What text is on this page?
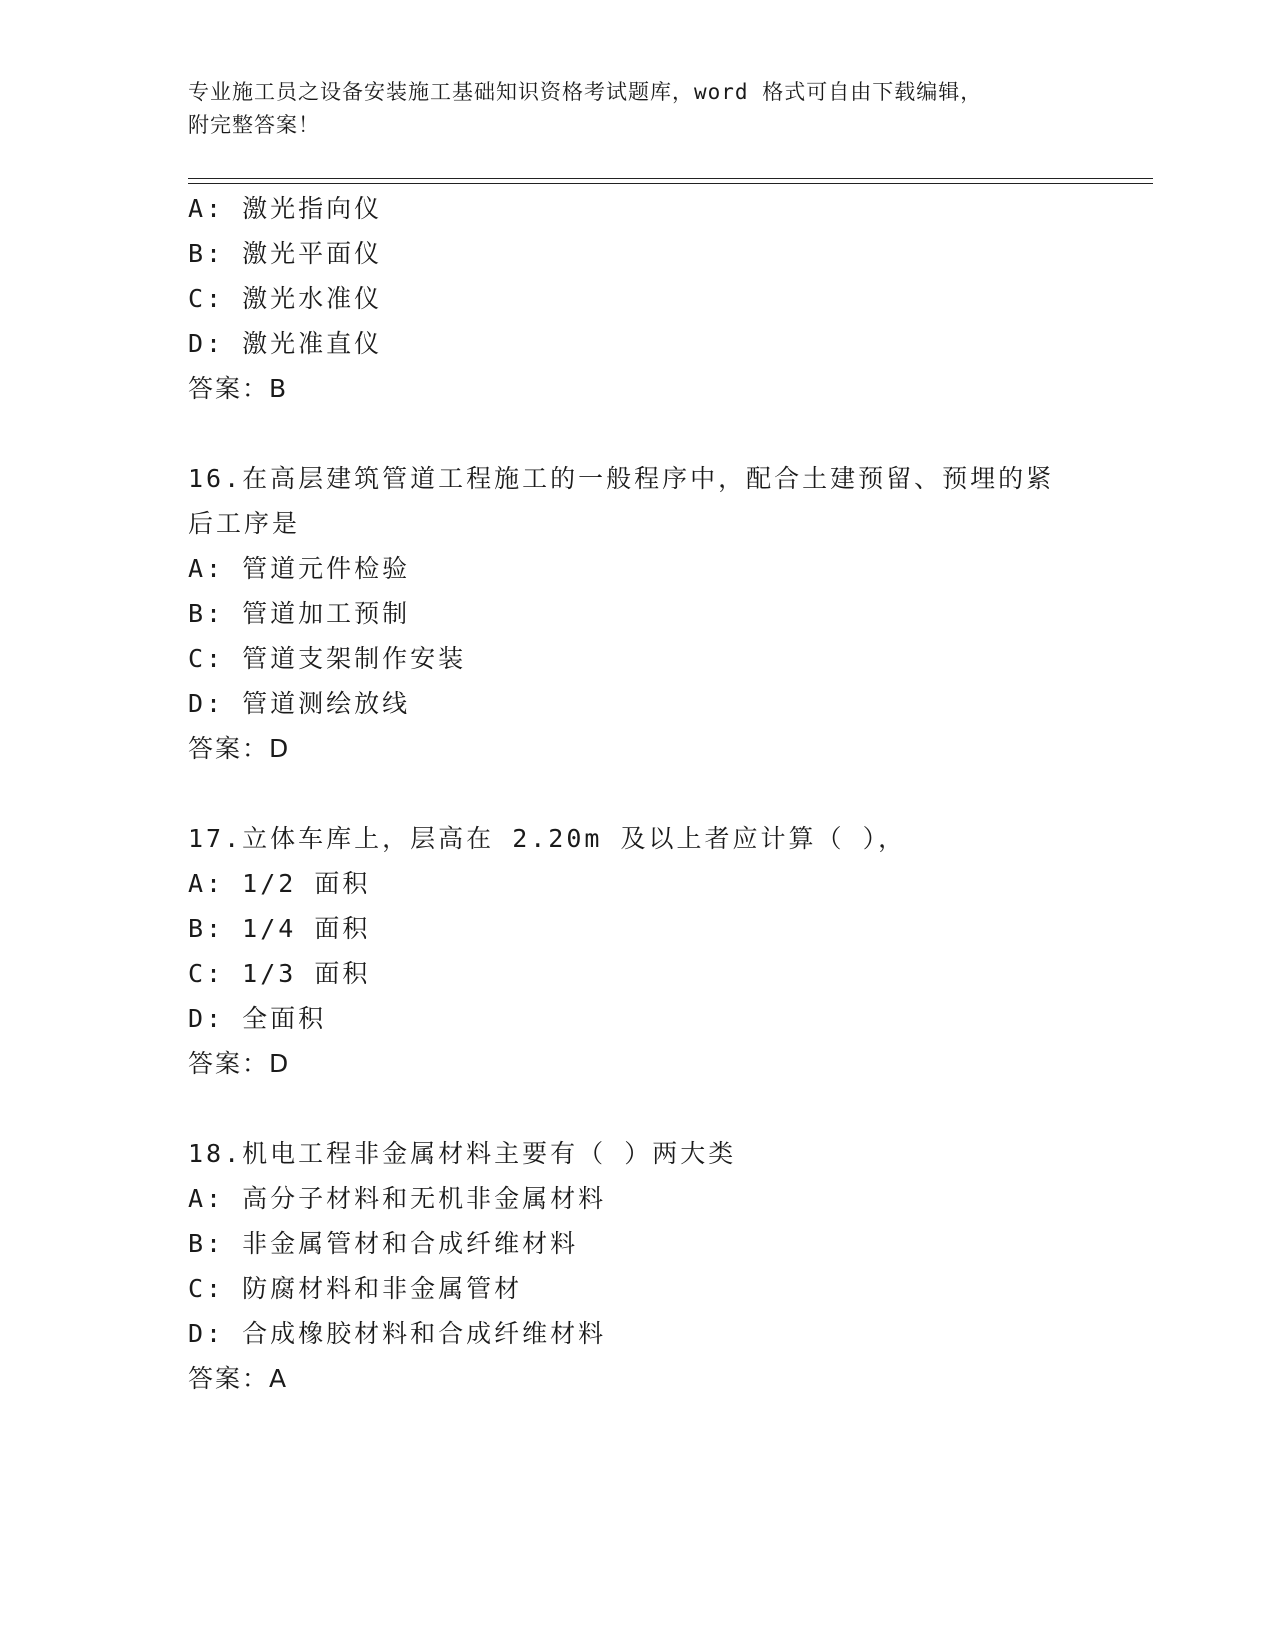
专业施工员之设备安装施工基础知识资格考试题库，word 格式可自由下载编辑，
附完整答案！
A: 激光指向仪
B: 激光平面仪
C: 激光水准仪
D: 激光准直仪
答案：B
16.在高层建筑管道工程施工的一般程序中，配合土建预留、预埋的紧
后工序是
A: 管道元件检验
B: 管道加工预制
C: 管道支架制作安装
D: 管道测绘放线
答案：D
17.立体车库上，层高在 2.20m 及以上者应计算（ ），
A: 1/2 面积
B: 1/4 面积
C: 1/3 面积
D: 全面积
答案：D
18.机电工程非金属材料主要有（ ）两大类
A: 高分子材料和无机非金属材料
B: 非金属管材和合成纤维材料
C: 防腐材料和非金属管材
D: 合成橡胶材料和合成纤维材料
答案：A
